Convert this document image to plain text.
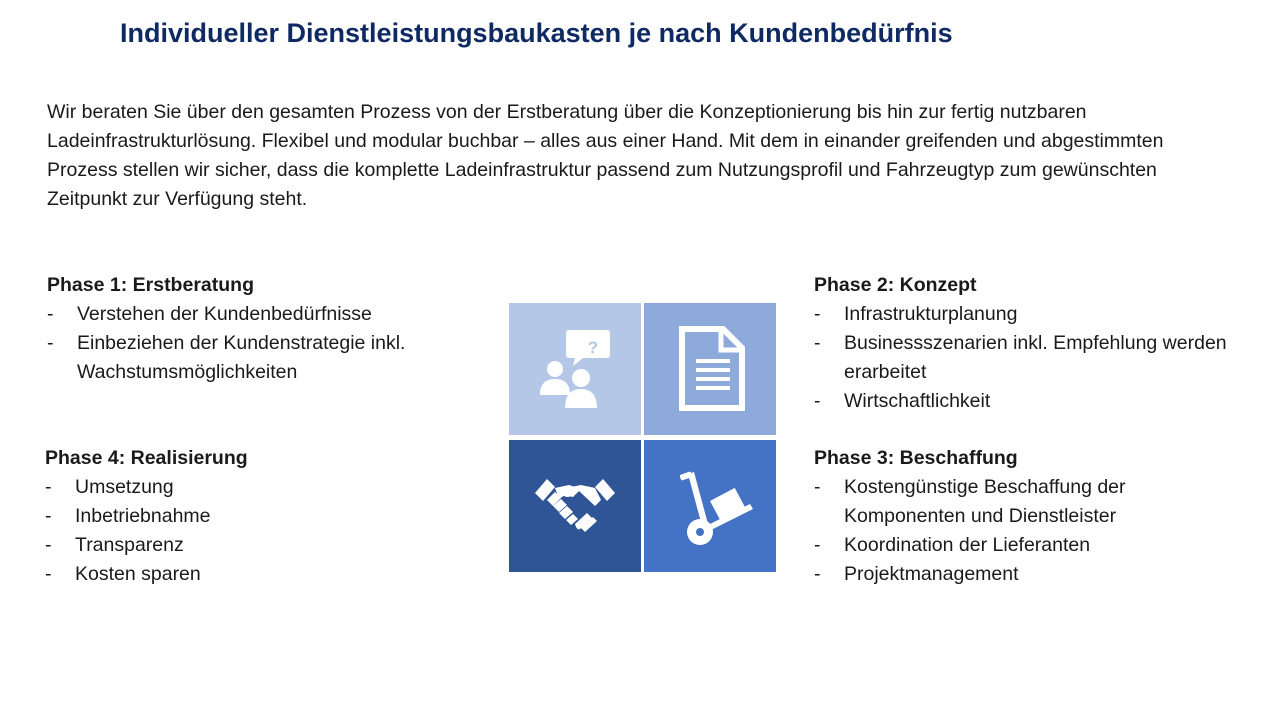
Individueller Dienstleistungsbaukasten je nach Kundenbedürfnis

Wir beraten Sie über den gesamten Prozess von der Erstberatung über die Konzeptionierung bis hin zur fertig nutzbaren Ladeinfrastrukturlösung. Flexibel und modular buchbar – alles aus einer Hand. Mit dem in einander greifenden und abgestimmten Prozess stellen wir sicher, dass die komplette Ladeinfrastruktur passend zum Nutzungsprofil und Fahrzeugtyp zum gewünschten Zeitpunkt zur Verfügung steht.

Phase 1: Erstberatung
- Verstehen der Kundenbedürfnisse
- Einbeziehen der Kundenstrategie inkl. Wachstumsmöglichkeiten
Phase 2: Konzept
- Infrastrukturplanung
- Businessszenarien inkl. Empfehlung werden erarbeitet
- Wirtschaftlichkeit
Phase 4: Realisierung
- Umsetzung
- Inbetriebnahme
- Transparenz
- Kosten sparen
Phase 3: Beschaffung
- Kostengünstige Beschaffung der Komponenten und Dienstleister
- Koordination der Lieferanten
- Projektmanagement
?
